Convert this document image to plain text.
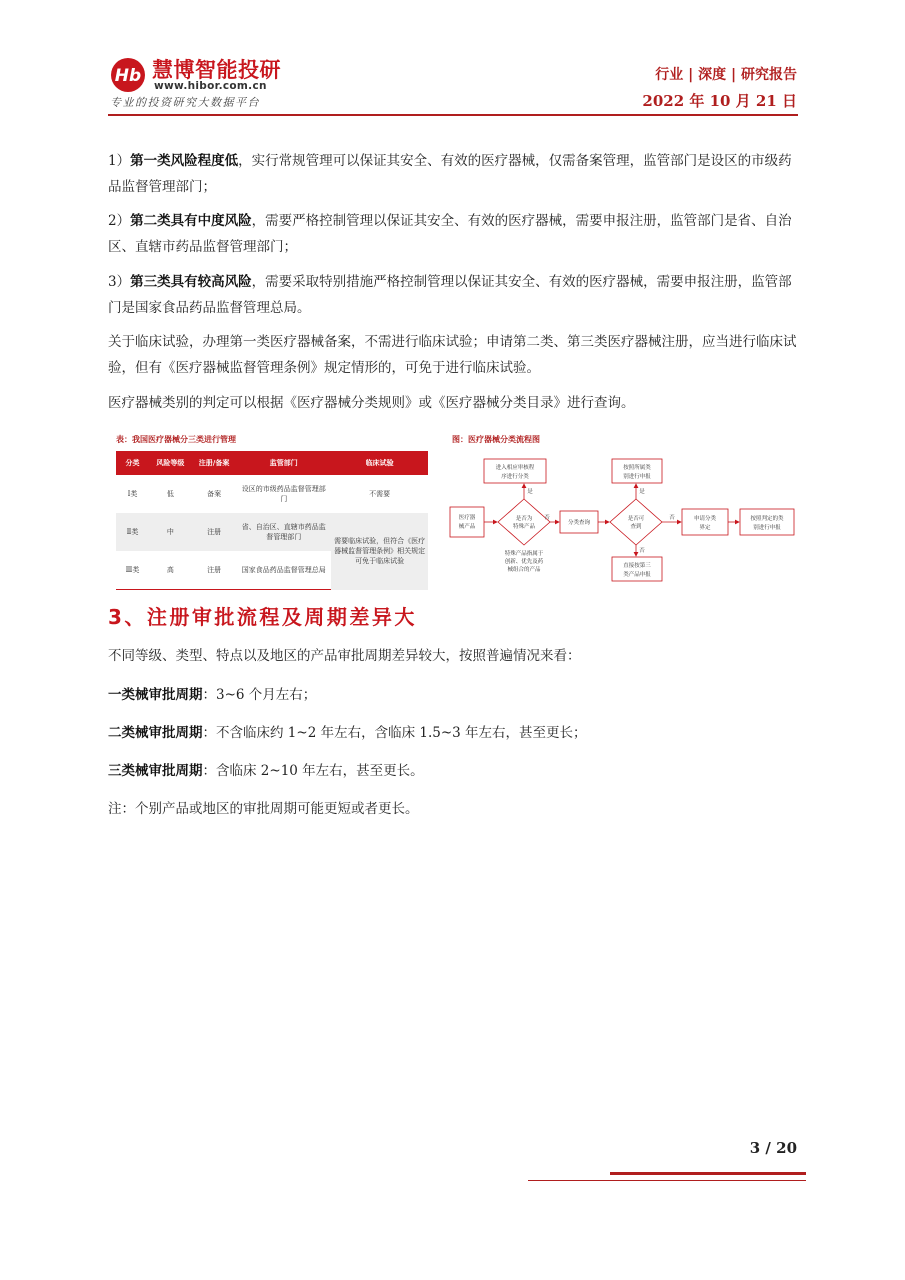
Hb 慧博智能投研
www.hibor.com.cn
专业的投资研究大数据平台
行业 | 深度 | 研究报告
2022 年 10 月 21 日
1）第一类风险程度低，实行常规管理可以保证其安全、有效的医疗器械，仅需备案管理，监管部门是设区的市级药品监督管理部门；
2）第二类具有中度风险，需要严格控制管理以保证其安全、有效的医疗器械，需要申报注册，监管部门是省、自治区、直辖市药品监督管理部门；
3）第三类具有较高风险，需要采取特别措施严格控制管理以保证其安全、有效的医疗器械，需要申报注册，监管部门是国家食品药品监督管理总局。
关于临床试验，办理第一类医疗器械备案，不需进行临床试验；申请第二类、第三类医疗器械注册，应当进行临床试验，但有《医疗器械监督管理条例》规定情形的，可免于进行临床试验。
医疗器械类别的判定可以根据《医疗器械分类规则》或《医疗器械分类目录》进行查询。
表：我国医疗器械分三类进行管理
分类	风险等级	注册/备案	监管部门	临床试验
Ⅰ类	低	备案	设区的市级药品监督管理部门	不需要
Ⅱ类	中	注册	省、自治区、直辖市药品监督管理部门	需要临床试验，但符合《医疗器械监督管理条例》相关规定可免于临床试验
Ⅲ类	高	注册	国家食品药品监督管理总局	
图：医疗器械分类流程图
医疗器
械产品
是否为
特殊产品
进入相应审核程
序进行分类
是
分类查询
是否可
查到
按照所属类
别进行申报
是
否
直接按第三
类产品申报
否	否	申请分类
界定
按照判定的类
别进行申报
特殊产品指属于
创新、优先及药
械组合的产品
3、注册审批流程及周期差异大
不同等级、类型、特点以及地区的产品审批周期差异较大，按照普遍情况来看：
一类械审批周期：3~6 个月左右；
二类械审批周期：不含临床约 1~2 年左右，含临床 1.5~3 年左右，甚至更长；
三类械审批周期：含临床 2~10 年左右，甚至更长。
注：个别产品或地区的审批周期可能更短或者更长。
3 / 20
